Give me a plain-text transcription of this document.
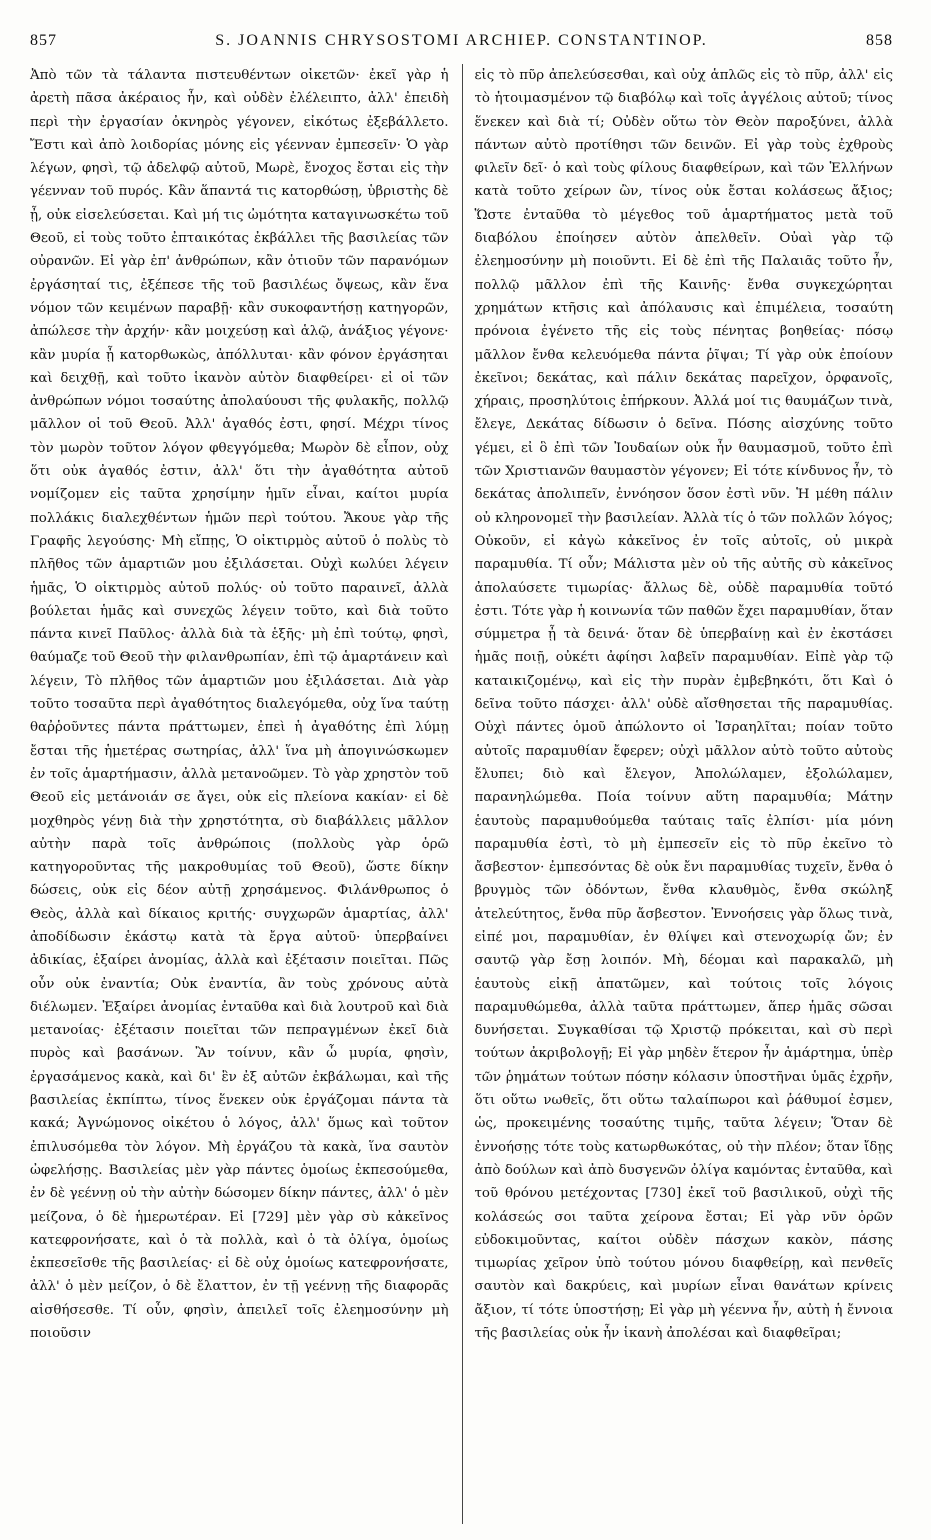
857	S. JOANNIS CHRYSOSTOMI ARCHIEP. CONSTANTINOP.	858

Ἀπὸ τῶν τὰ τάλαντα πιστευθέντων οἰκετῶν· ἐκεῖ γὰρ ἡ ἀρετὴ πᾶσα ἀκέραιος ἦν, καὶ οὐδὲν ἐλέλειπτο, ἀλλ' ἐπειδὴ περὶ τὴν ἐργασίαν ὀκνηρὸς γέγονεν, εἰκότως ἐξεβάλλετο. Ἔστι καὶ ἀπὸ λοιδορίας μόνης εἰς γέενναν ἐμπεσεῖν· Ὁ γὰρ λέγων, φησὶ, τῷ ἀδελφῷ αὐτοῦ, Μωρὲ, ἔνοχος ἔσται εἰς τὴν γέενναν τοῦ πυρός. Κἂν ἅπαντά τις κατορθώσῃ, ὑβριστὴς δὲ ᾖ, οὐκ εἰσελεύσεται. Καὶ μή τις ὠμότητα καταγινωσκέτω τοῦ Θεοῦ, εἰ τοὺς τοῦτο ἐπταικότας ἐκβάλλει τῆς βασιλείας τῶν οὐρανῶν. Εἰ γὰρ ἐπ' ἀνθρώπων, κἂν ὁτιοῦν τῶν παρανόμων ἐργάσηταί τις, ἐξέπεσε τῆς τοῦ βασιλέως ὄψεως, κἂν ἕνα νόμον τῶν κειμένων παραβῇ· κἂν συκοφαντήσῃ κατηγορῶν, ἀπώλεσε τὴν ἀρχήν· κἂν μοιχεύσῃ καὶ ἁλῷ, ἀνάξιος γέγονε· κἂν μυρία ᾖ κατορθωκὼς, ἀπόλλυται· κἂν φόνον ἐργάσηται καὶ δειχθῇ, καὶ τοῦτο ἱκανὸν αὐτὸν διαφθείρει· εἰ οἱ τῶν ἀνθρώπων νόμοι τοσαύτης ἀπολαύουσι τῆς φυλακῆς, πολλῷ μᾶλλον οἱ τοῦ Θεοῦ. Ἀλλ' ἀγαθός ἐστι, φησί. Μέχρι τίνος τὸν μωρὸν τοῦτον λόγον φθεγγόμεθα; Μωρὸν δὲ εἶπον, οὐχ ὅτι οὐκ ἀγαθός ἐστιν, ἀλλ' ὅτι τὴν ἀγαθότητα αὐτοῦ νομίζομεν εἰς ταῦτα χρησίμην ἡμῖν εἶναι, καίτοι μυρία πολλάκις διαλεχθέντων ἡμῶν περὶ τούτου. Ἄκουε γὰρ τῆς Γραφῆς λεγούσης· Μὴ εἴπῃς, Ὁ οἰκτιρμὸς αὐτοῦ ὁ πολὺς τὸ πλῆθος τῶν ἁμαρτιῶν μου ἐξιλάσεται. Οὐχὶ κωλύει λέγειν ἡμᾶς, Ὁ οἰκτιρμὸς αὐτοῦ πολύς· οὐ τοῦτο παραινεῖ, ἀλλὰ βούλεται ἡμᾶς καὶ συνεχῶς λέγειν τοῦτο, καὶ διὰ τοῦτο πάντα κινεῖ Παῦλος· ἀλλὰ διὰ τὰ ἑξῆς· μὴ ἐπὶ τούτῳ, φησὶ, θαύμαζε τοῦ Θεοῦ τὴν φιλανθρωπίαν, ἐπὶ τῷ ἁμαρτάνειν καὶ λέγειν, Τὸ πλῆθος τῶν ἁμαρτιῶν μου ἐξιλάσεται. Διὰ γὰρ τοῦτο τοσαῦτα περὶ ἀγαθότητος διαλεγόμεθα, οὐχ ἵνα ταύτῃ θαῤῥοῦντες πάντα πράττωμεν, ἐπεὶ ἡ ἀγαθότης ἐπὶ λύμῃ ἔσται τῆς ἡμετέρας σωτηρίας, ἀλλ' ἵνα μὴ ἀπογινώσκωμεν ἐν τοῖς ἁμαρτήμασιν, ἀλλὰ μετανοῶμεν. Τὸ γὰρ χρηστὸν τοῦ Θεοῦ εἰς μετάνοιάν σε ἄγει, οὐκ εἰς πλείονα κακίαν· εἰ δὲ μοχθηρὸς γένῃ διὰ τὴν χρηστότητα, σὺ διαβάλλεις μᾶλλον αὐτὴν παρὰ τοῖς ἀνθρώποις (πολλοὺς γὰρ ὁρῶ κατηγοροῦντας τῆς μακροθυμίας τοῦ Θεοῦ), ὥστε δίκην δώσεις, οὐκ εἰς δέον αὐτῇ χρησάμενος. Φιλάνθρωπος ὁ Θεὸς, ἀλλὰ καὶ δίκαιος κριτής· συγχωρῶν ἁμαρτίας, ἀλλ' ἀποδίδωσιν ἑκάστῳ κατὰ τὰ ἔργα αὐτοῦ· ὑπερβαίνει ἀδικίας, ἐξαίρει ἀνομίας, ἀλλὰ καὶ ἐξέτασιν ποιεῖται. Πῶς οὖν οὐκ ἐναντία; Οὐκ ἐναντία, ἂν τοὺς χρόνους αὐτὰ διέλωμεν. Ἐξαίρει ἀνομίας ἐνταῦθα καὶ διὰ λουτροῦ καὶ διὰ μετανοίας· ἐξέτασιν ποιεῖται τῶν πεπραγμένων ἐκεῖ διὰ πυρὸς καὶ βασάνων. Ἂν τοίνυν, κἂν ὦ μυρία, φησὶν, ἐργασάμενος κακὰ, καὶ δι' ἓν ἐξ αὐτῶν ἐκβάλωμαι, καὶ τῆς βασιλείας ἐκπίπτω, τίνος ἕνεκεν οὐκ ἐργάζομαι πάντα τὰ κακά; Ἀγνώμονος οἰκέτου ὁ λόγος, ἀλλ' ὅμως καὶ τοῦτον ἐπιλυσόμεθα τὸν λόγον. Μὴ ἐργάζου τὰ κακὰ, ἵνα σαυτὸν ὠφελήσῃς. Βασιλείας μὲν γὰρ πάντες ὁμοίως ἐκπεσούμεθα, ἐν δὲ γεέννῃ οὐ τὴν αὐτὴν δώσομεν δίκην πάντες, ἀλλ' ὁ μὲν μείζονα, ὁ δὲ ἡμερωτέραν. Εἰ [729] μὲν γὰρ σὺ κἀκεῖνος κατεφρονήσατε, καὶ ὁ τὰ πολλὰ, καὶ ὁ τὰ ὀλίγα, ὁμοίως ἐκπεσεῖσθε τῆς βασιλείας· εἰ δὲ οὐχ ὁμοίως κατεφρονήσατε, ἀλλ' ὁ μὲν μείζον, ὁ δὲ ἔλαττον, ἐν τῇ γεέννῃ τῆς διαφορᾶς αἰσθήσεσθε. Τί οὖν, φησὶν, ἀπειλεῖ τοῖς ἐλεημοσύνην μὴ ποιοῦσιν

εἰς τὸ πῦρ ἀπελεύσεσθαι, καὶ οὐχ ἁπλῶς εἰς τὸ πῦρ, ἀλλ' εἰς τὸ ἡτοιμασμένον τῷ διαβόλῳ καὶ τοῖς ἀγγέλοις αὐτοῦ; τίνος ἕνεκεν καὶ διὰ τί; Οὐδὲν οὕτω τὸν Θεὸν παροξύνει, ἀλλὰ πάντων αὐτὸ προτίθησι τῶν δεινῶν. Εἰ γὰρ τοὺς ἐχθροὺς φιλεῖν δεῖ· ὁ καὶ τοὺς φίλους διαφθείρων, καὶ τῶν Ἑλλήνων κατὰ τοῦτο χείρων ὢν, τίνος οὐκ ἔσται κολάσεως ἄξιος; Ὥστε ἐνταῦθα τὸ μέγεθος τοῦ ἁμαρτήματος μετὰ τοῦ διαβόλου ἐποίησεν αὐτὸν ἀπελθεῖν. Οὐαὶ γὰρ τῷ ἐλεημοσύνην μὴ ποιοῦντι. Εἰ δὲ ἐπὶ τῆς Παλαιᾶς τοῦτο ἦν, πολλῷ μᾶλλον ἐπὶ τῆς Καινῆς· ἔνθα συγκεχώρηται χρημάτων κτῆσις καὶ ἀπόλαυσις καὶ ἐπιμέλεια, τοσαύτη πρόνοια ἐγένετο τῆς εἰς τοὺς πένητας βοηθείας· πόσῳ μᾶλλον ἔνθα κελευόμεθα πάντα ῥῖψαι; Τί γὰρ οὐκ ἐποίουν ἐκεῖνοι; δεκάτας, καὶ πάλιν δεκάτας παρεῖχον, ὀρφανοῖς, χήραις, προσηλύτοις ἐπήρκουν. Ἀλλά μοί τις θαυμάζων τινὰ, ἔλεγε, Δεκάτας δίδωσιν ὁ δεῖνα. Πόσης αἰσχύνης τοῦτο γέμει, εἰ ὃ ἐπὶ τῶν Ἰουδαίων οὐκ ἦν θαυμασμοῦ, τοῦτο ἐπὶ τῶν Χριστιανῶν θαυμαστὸν γέγονεν; Εἰ τότε κίνδυνος ἦν, τὸ δεκάτας ἀπολιπεῖν, ἐννόησον ὅσον ἐστὶ νῦν. Ἡ μέθη πάλιν οὐ κληρονομεῖ τὴν βασιλείαν. Ἀλλὰ τίς ὁ τῶν πολλῶν λόγος; Οὐκοῦν, εἰ κἀγὼ κἀκεῖνος ἐν τοῖς αὐτοῖς, οὐ μικρὰ παραμυθία. Τί οὖν; Μάλιστα μὲν οὐ τῆς αὐτῆς σὺ κἀκεῖνος ἀπολαύσετε τιμωρίας· ἄλλως δὲ, οὐδὲ παραμυθία τοῦτό ἐστι. Τότε γὰρ ἡ κοινωνία τῶν παθῶν ἔχει παραμυθίαν, ὅταν σύμμετρα ᾖ τὰ δεινά· ὅταν δὲ ὑπερβαίνῃ καὶ ἐν ἐκστάσει ἡμᾶς ποιῇ, οὐκέτι ἀφίησι λαβεῖν παραμυθίαν. Εἰπὲ γὰρ τῷ καταικιζομένῳ, καὶ εἰς τὴν πυρὰν ἐμβεβηκότι, ὅτι Καὶ ὁ δεῖνα τοῦτο πάσχει· ἀλλ' οὐδὲ αἴσθησεται τῆς παραμυθίας. Οὐχὶ πάντες ὁμοῦ ἀπώλοντο οἱ Ἰσραηλῖται; ποίαν τοῦτο αὐτοῖς παραμυθίαν ἔφερεν; οὐχὶ μᾶλλον αὐτὸ τοῦτο αὐτοὺς ἔλυπει; διὸ καὶ ἔλεγον, Ἀπολώλαμεν, ἐξολώλαμεν, παρανηλώμεθα. Ποία τοίνυν αὕτη παραμυθία; Μάτην ἑαυτοὺς παραμυθούμεθα ταύταις ταῖς ἐλπίσι· μία μόνη παραμυθία ἐστὶ, τὸ μὴ ἐμπεσεῖν εἰς τὸ πῦρ ἐκεῖνο τὸ ἄσβεστον· ἐμπεσόντας δὲ οὐκ ἔνι παραμυθίας τυχεῖν, ἔνθα ὁ βρυγμὸς τῶν ὀδόντων, ἔνθα κλαυθμὸς, ἔνθα σκώληξ ἀτελεύτητος, ἔνθα πῦρ ἄσβεστον. Ἐννοήσεις γὰρ ὅλως τινὰ, εἰπέ μοι, παραμυθίαν, ἐν θλίψει καὶ στενοχωρίᾳ ὤν; ἐν σαυτῷ γὰρ ἔσῃ λοιπόν. Μὴ, δέομαι καὶ παρακαλῶ, μὴ ἑαυτοὺς εἰκῇ ἀπατῶμεν, καὶ τούτοις τοῖς λόγοις παραμυθώμεθα, ἀλλὰ ταῦτα πράττωμεν, ἅπερ ἡμᾶς σῶσαι δυνήσεται. Συγκαθίσαι τῷ Χριστῷ πρόκειται, καὶ σὺ περὶ τούτων ἀκριβολογῇ; Εἰ γὰρ μηδὲν ἕτερον ἦν ἁμάρτημα, ὑπὲρ τῶν ῥημάτων τούτων πόσην κόλασιν ὑποστῆναι ὑμᾶς ἐχρῆν, ὅτι οὕτω νωθεῖς, ὅτι οὕτω ταλαίπωροι καὶ ῥάθυμοί ἐσμεν, ὡς, προκειμένης τοσαύτης τιμῆς, ταῦτα λέγειν; Ὅταν δὲ ἐννοήσῃς τότε τοὺς κατωρθωκότας, οὐ τὴν πλέον; ὅταν ἴδῃς ἀπὸ δούλων καὶ ἀπὸ δυσγενῶν ὀλίγα καμόντας ἐνταῦθα, καὶ τοῦ θρόνου μετέχοντας [730] ἐκεῖ τοῦ βασιλικοῦ, οὐχὶ τῆς κολάσεώς σοι ταῦτα χείρονα ἔσται; Εἰ γὰρ νῦν ὁρῶν εὐδοκιμοῦντας, καίτοι οὐδὲν πάσχων κακὸν, πάσης τιμωρίας χεῖρον ὑπὸ τούτου μόνου διαφθείρῃ, καὶ πενθεῖς σαυτὸν καὶ δακρύεις, καὶ μυρίων εἶναι θανάτων κρίνεις ἄξιον, τί τότε ὑποστήσῃ; Εἰ γὰρ μὴ γέεννα ἦν, αὐτὴ ἡ ἔννοια τῆς βασιλείας οὐκ ἦν ἱκανὴ ἀπολέσαι καὶ διαφθεῖραι;
